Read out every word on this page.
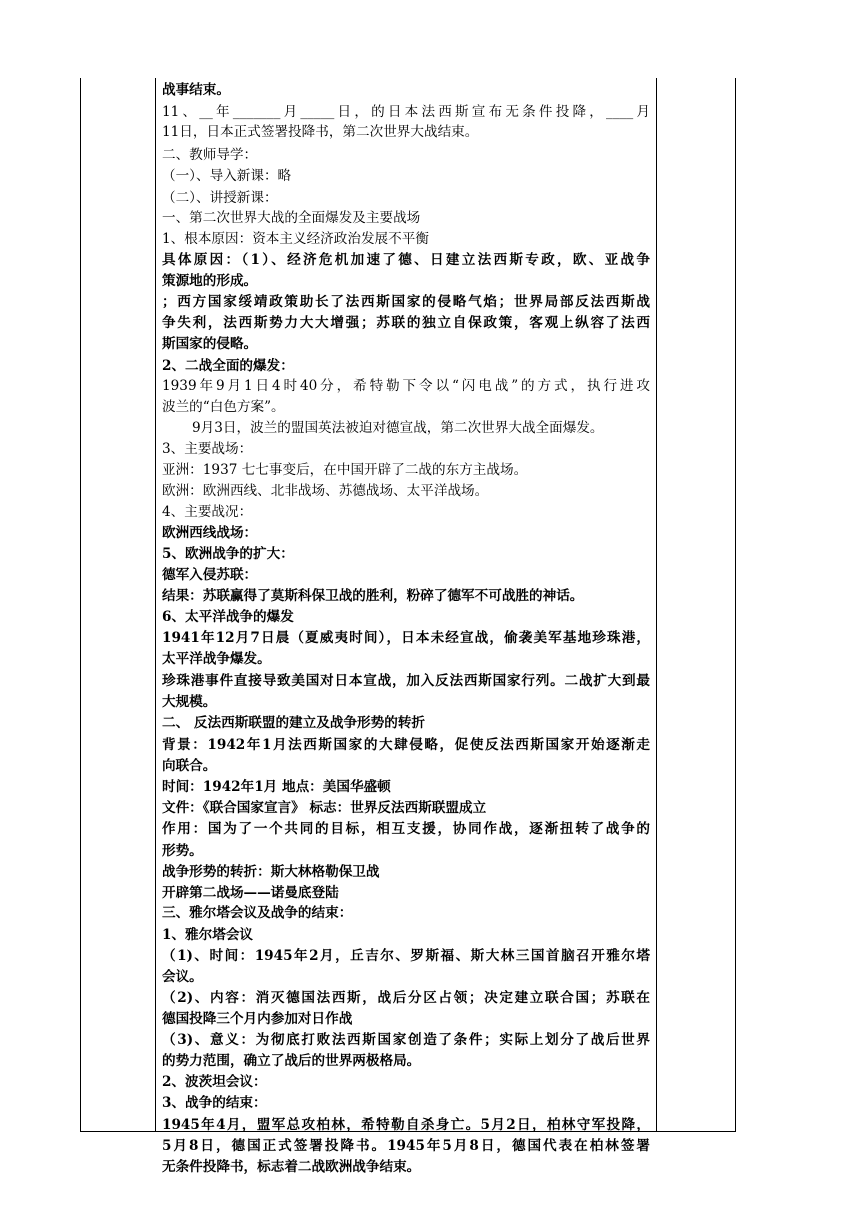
战事结束。
11、__年_______月_____日，的日本法西斯宣布无条件投降，____月
11日，日本正式签署投降书，第二次世界大战结束。
二、教师导学：
（一）、导入新课：略
（二）、讲授新课：
一、第二次世界大战的全面爆发及主要战场
1、根本原因：资本主义经济政治发展不平衡
具体原因：（1）、经济危机加速了德、日建立法西斯专政，欧、亚战争
策源地的形成。
；西方国家绥靖政策助长了法西斯国家的侵略气焰；世界局部反法西斯战
争失利，法西斯势力大大增强；苏联的独立自保政策，客观上纵容了法西
斯国家的侵略。
2、二战全面的爆发：
1939年9月1日4时40分，希特勒下令以“闪电战”的方式，执行进攻
波兰的“白色方案”。
9月3日，波兰的盟国英法被迫对德宣战，第二次世界大战全面爆发。
3、主要战场：
亚洲：1937 七七事变后，在中国开辟了二战的东方主战场。
欧洲：欧洲西线、北非战场、苏德战场、太平洋战场。
4、主要战况：
欧洲西线战场：
5、欧洲战争的扩大：
德军入侵苏联：
结果：苏联赢得了莫斯科保卫战的胜利，粉碎了德军不可战胜的神话。
6、太平洋战争的爆发
1941年12月7日晨（夏威夷时间），日本未经宣战，偷袭美军基地珍珠港，
太平洋战争爆发。
珍珠港事件直接导致美国对日本宣战，加入反法西斯国家行列。二战扩大到最
大规模。
二、 反法西斯联盟的建立及战争形势的转折
背景：1942年1月法西斯国家的大肆侵略，促使反法西斯国家开始逐渐走
向联合。
时间：1942年1月 地点：美国华盛顿
文件：《联合国家宣言》 标志：世界反法西斯联盟成立
作用：国为了一个共同的目标，相互支援，协同作战，逐渐扭转了战争的
形势。
战争形势的转折：斯大林格勒保卫战
开辟第二战场——诺曼底登陆
三、雅尔塔会议及战争的结束：
1、雅尔塔会议
（1)、时间：1945年2月，丘吉尔、罗斯福、斯大林三国首脑召开雅尔塔
会议。
（2)、内容：消灭德国法西斯，战后分区占领；决定建立联合国；苏联在
德国投降三个月内参加对日作战
（3)、意义：为彻底打败法西斯国家创造了条件；实际上划分了战后世界
的势力范围，确立了战后的世界两极格局。
2、波茨坦会议：
3、战争的结束：
1945年4月，盟军总攻柏林，希特勒自杀身亡。5月2日，柏林守军投降，
5月8日，德国正式签署投降书。1945年5月8日，德国代表在柏林签署
无条件投降书，标志着二战欧洲战争结束。
